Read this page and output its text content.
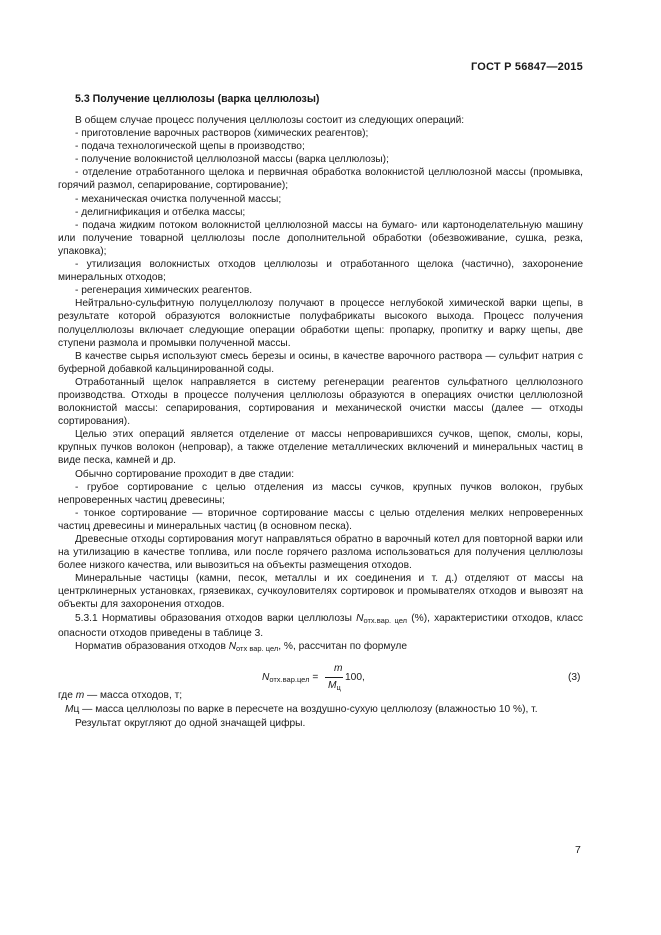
ГОСТ Р 56847—2015
5.3 Получение целлюлозы (варка целлюлозы)

В общем случае процесс получения целлюлозы состоит из следующих операций:

- приготовление варочных растворов (химических реагентов);

- подача технологической щепы в производство;

- получение волокнистой целлюлозной массы (варка целлюлозы);

- отделение отработанного щелока и первичная обработка волокнистой целлюлозной массы (промывка, горячий размол, сепарирование, сортирование);

- механическая очистка полученной массы;

- делигнификация и отбелка массы;

- подача жидким потоком волокнистой целлюлозной массы на бумаго- или картоноделательную машину или получение товарной целлюлозы после дополнительной обработки (обезвоживание, сушка, резка, упаковка);

- утилизация волокнистых отходов целлюлозы и отработанного щелока (частично), захоронение минеральных отходов;

- регенерация химических реагентов.

Нейтрально-сульфитную полуцеллюлозу получают в процессе неглубокой химической варки щепы, в результате которой образуются волокнистые полуфабрикаты высокого выхода. Процесс получения полуцеллюлозы включает следующие операции обработки щепы: пропарку, пропитку и варку щепы, две ступени размола и промывки полученной массы.

В качестве сырья используют смесь березы и осины, в качестве варочного раствора — сульфит натрия с буферной добавкой кальцинированной соды.

Отработанный щелок направляется в систему регенерации реагентов сульфатного целлюлозного производства. Отходы в процессе получения целлюлозы образуются в операциях очистки целлюлозной волокнистой массы: сепарирования, сортирования и механической очистки массы (далее — отходы сортирования).

Целью этих операций является отделение от массы непроварившихся сучков, щепок, смолы, коры, крупных пучков волокон (непровар), а также отделение металлических включений и минеральных частиц в виде песка, камней и др.

Обычно сортирование проходит в две стадии:

- грубое сортирование с целью отделения из массы сучков, крупных пучков волокон, грубых непроверенных частиц древесины;

- тонкое сортирование — вторичное сортирование массы с целью отделения мелких непроверенных частиц древесины и минеральных частиц (в основном песка).

Древесные отходы сортирования могут направляться обратно в варочный котел для повторной варки или на утилизацию в качестве топлива, или после горячего разлома использоваться для получения целлюлозы более низкого качества, или вывозиться на объекты размещения отходов.

Минеральные частицы (камни, песок, металлы и их соединения и т. д.) отделяют от массы на центрклинерных установках, грязевиках, сучкоуловителях сортировок и промывателях отходов и вывозят на объекты для захоронения отходов.

5.3.1 Нормативы образования отходов варки целлюлозы $N_{отх.вар. цел}$ (%), характеристики отходов, класс опасности отходов приведены в таблице 3.

Норматив образования отходов $N_{отх вар. цел}$, %, рассчитан по формуле

$N_{отх.вар.цел}$ =
m
$M_ц$
100,	(3)
где m — масса отходов, т;
Mц — масса целлюлозы по варке в пересчете на воздушно-сухую целлюлозу (влажностью 10 %), т.
Результат округляют до одной значащей цифры.
7
